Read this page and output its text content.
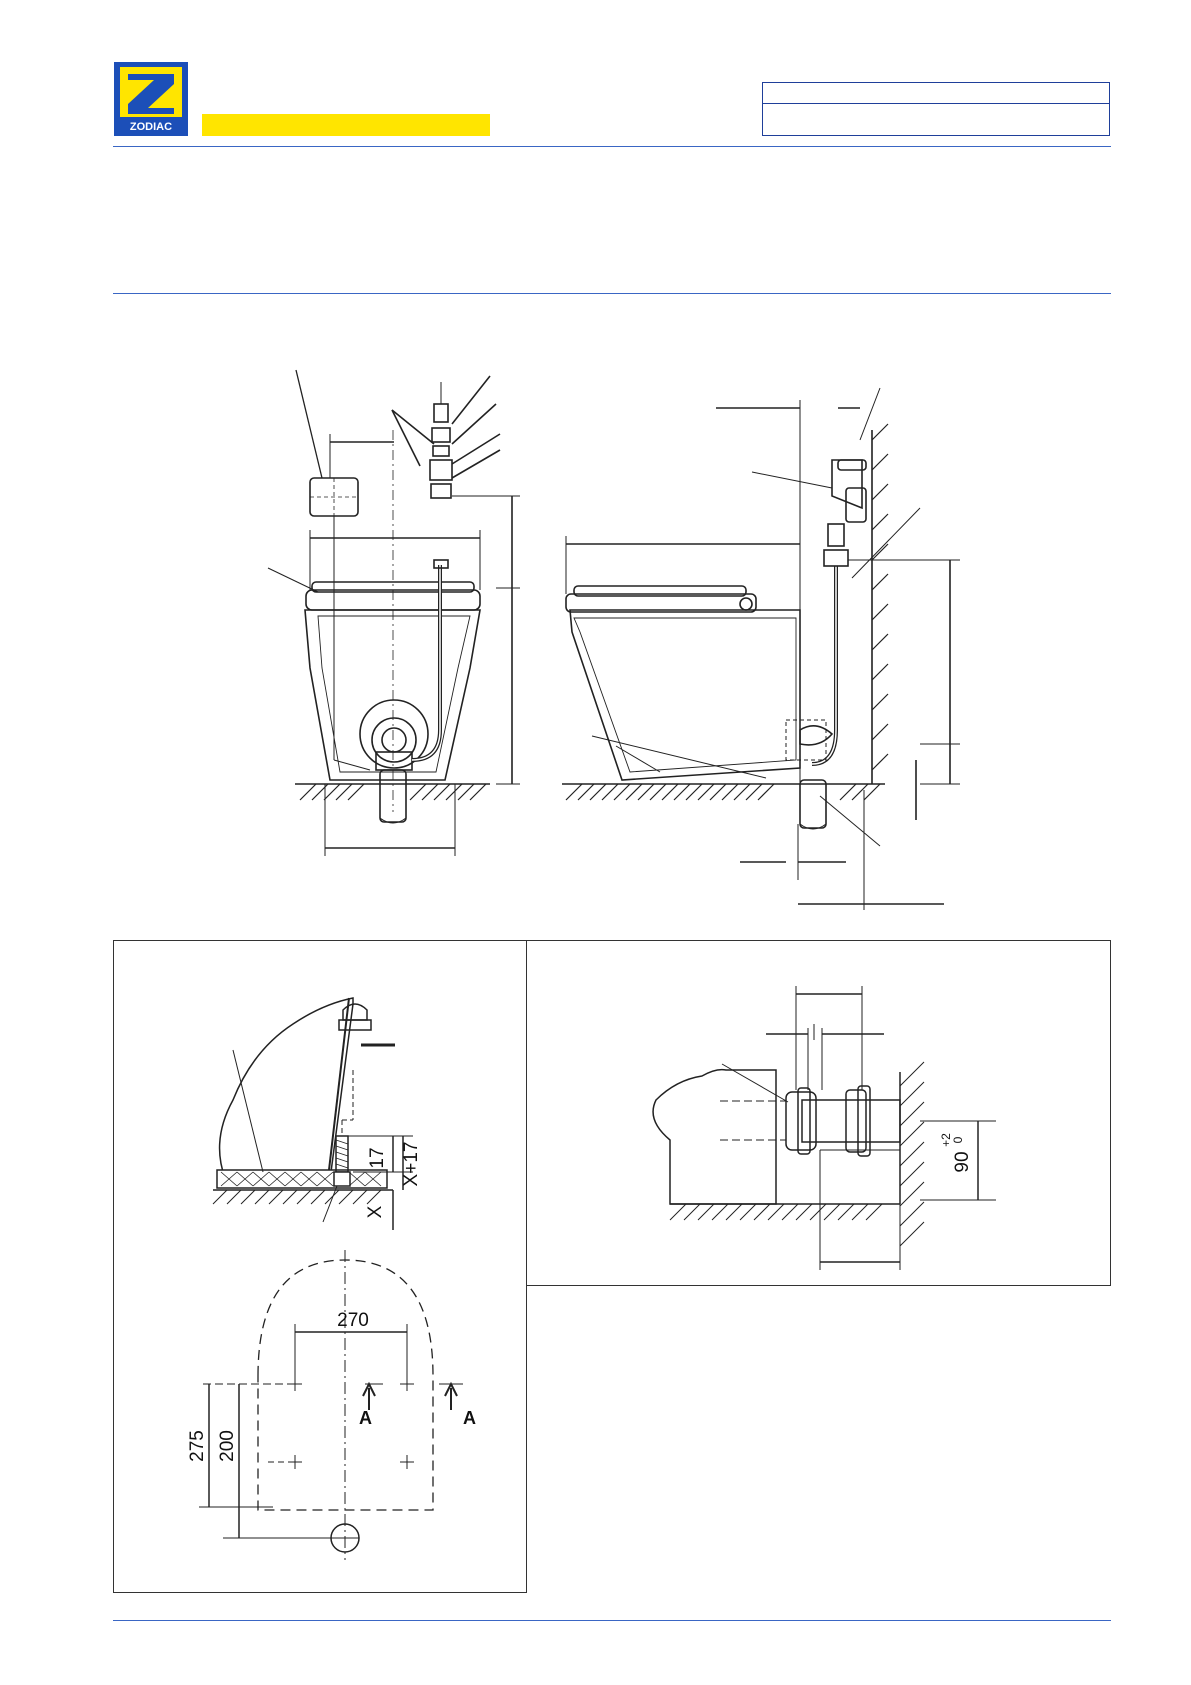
ZODIAC
17 X+17
X
270
A	A
200
275
90
+2
0
